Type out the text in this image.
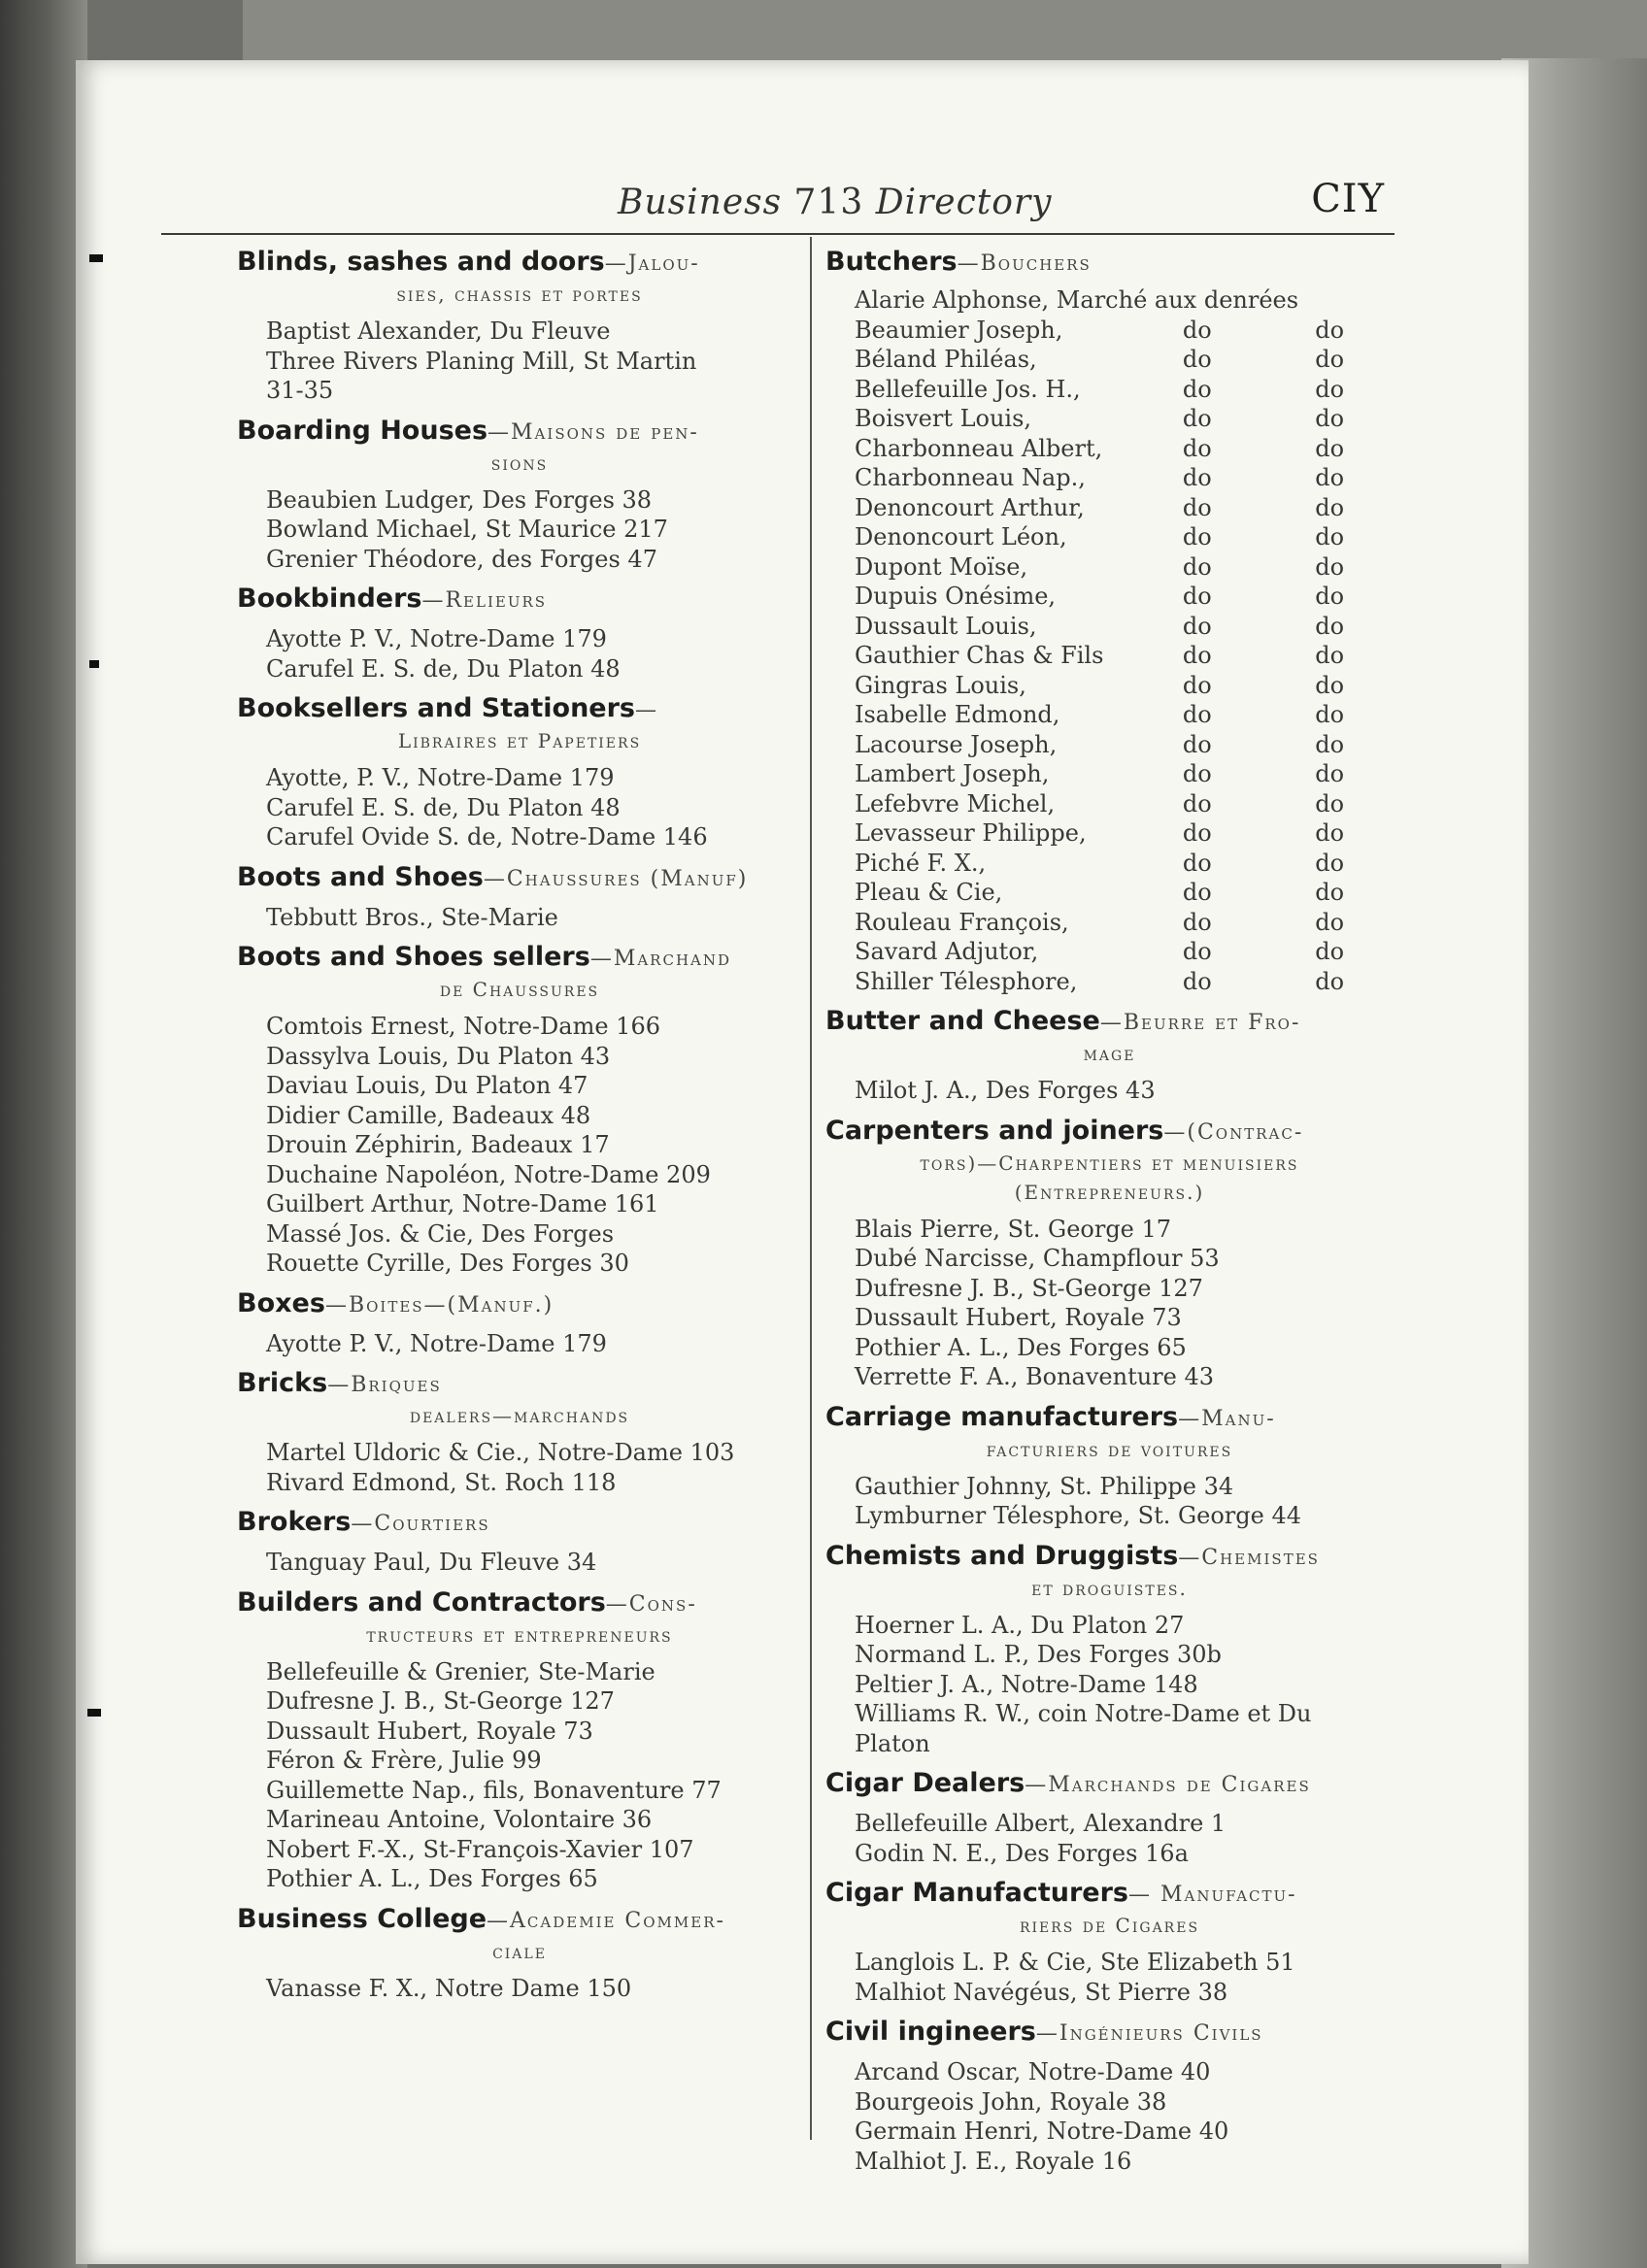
Business 713 Directory	CIY
Blinds, sashes and doors—Jalou-
sies, chassis et portes
Baptist Alexander, Du Fleuve
Three Rivers Planing Mill, St Martin
31-35
Boarding Houses—Maisons de pen-
sions
Beaubien Ludger, Des Forges 38
Bowland Michael, St Maurice 217
Grenier Théodore, des Forges 47
Bookbinders—Relieurs
Ayotte P. V., Notre-Dame 179
Carufel E. S. de, Du Platon 48
Booksellers and Stationers—
Libraires et Papetiers
Ayotte, P. V., Notre-Dame 179
Carufel E. S. de, Du Platon 48
Carufel Ovide S. de, Notre-Dame 146
Boots and Shoes—Chaussures (Manuf)
Tebbutt Bros., Ste-Marie
Boots and Shoes sellers—Marchand
de Chaussures
Comtois Ernest, Notre-Dame 166
Dassylva Louis, Du Platon 43
Daviau Louis, Du Platon 47
Didier Camille, Badeaux 48
Drouin Zéphirin, Badeaux 17
Duchaine Napoléon, Notre-Dame 209
Guilbert Arthur, Notre-Dame 161
Massé Jos. & Cie, Des Forges
Rouette Cyrille, Des Forges 30
Boxes—Boites—(Manuf.)
Ayotte P. V., Notre-Dame 179
Bricks—Briques
dealers—marchands
Martel Uldoric & Cie., Notre-Dame 103
Rivard Edmond, St. Roch 118
Brokers—Courtiers
Tanguay Paul, Du Fleuve 34
Builders and Contractors—Cons-
tructeurs et entrepreneurs
Bellefeuille & Grenier, Ste-Marie
Dufresne J. B., St-George 127
Dussault Hubert, Royale 73
Féron & Frère, Julie 99
Guillemette Nap., fils, Bonaventure 77
Marineau Antoine, Volontaire 36
Nobert F.-X., St-François-Xavier 107
Pothier A. L., Des Forges 65
Business College—Academie Commer-
ciale
Vanasse F. X., Notre Dame 150
Butchers—Bouchers
Alarie Alphonse, Marché aux denrées
Beaumier Joseph,	do	do
Béland Philéas,	do	do
Bellefeuille Jos. H.,	do	do
Boisvert Louis,	do	do
Charbonneau Albert,	do	do
Charbonneau Nap.,	do	do
Denoncourt Arthur,	do	do
Denoncourt Léon,	do	do
Dupont Moïse,	do	do
Dupuis Onésime,	do	do
Dussault Louis,	do	do
Gauthier Chas & Fils	do	do
Gingras Louis,	do	do
Isabelle Edmond,	do	do
Lacourse Joseph,	do	do
Lambert Joseph,	do	do
Lefebvre Michel,	do	do
Levasseur Philippe,	do	do
Piché F. X.,	do	do
Pleau & Cie,	do	do
Rouleau François,	do	do
Savard Adjutor,	do	do
Shiller Télesphore,	do	do
Butter and Cheese—Beurre et Fro-
mage
Milot J. A., Des Forges 43
Carpenters and joiners—(Contrac-
tors)—Charpentiers et menuisiers
(Entrepreneurs.)
Blais Pierre, St. George 17
Dubé Narcisse, Champflour 53
Dufresne J. B., St-George 127
Dussault Hubert, Royale 73
Pothier A. L., Des Forges 65
Verrette F. A., Bonaventure 43
Carriage manufacturers—Manu-
facturiers de voitures
Gauthier Johnny, St. Philippe 34
Lymburner Télesphore, St. George 44
Chemists and Druggists—Chemistes
et droguistes.
Hoerner L. A., Du Platon 27
Normand L. P., Des Forges 30b
Peltier J. A., Notre-Dame 148
Williams R. W., coin Notre-Dame et Du
Platon
Cigar Dealers—Marchands de Cigares
Bellefeuille Albert, Alexandre 1
Godin N. E., Des Forges 16a
Cigar Manufacturers— Manufactu-
riers de Cigares
Langlois L. P. & Cie, Ste Elizabeth 51
Malhiot Navégéus, St Pierre 38
Civil ingineers—Ingénieurs Civils
Arcand Oscar, Notre-Dame 40
Bourgeois John, Royale 38
Germain Henri, Notre-Dame 40
Malhiot J. E., Royale 16
